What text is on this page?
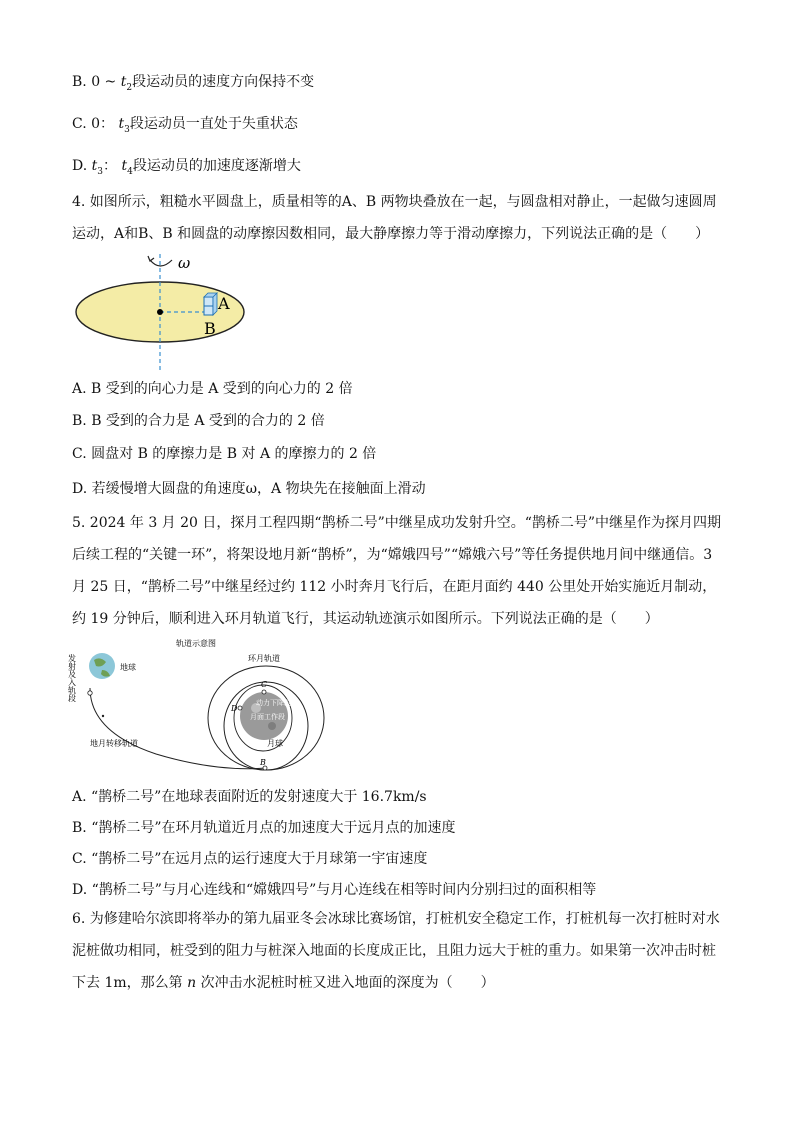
B. 0 ~ $t_2$段运动员的速度方向保持不变
C. 0： $t_3$段运动员一直处于失重状态
D. $t_3$： $t_4$段运动员的加速度逐渐增大
4. 如图所示，粗糙水平圆盘上，质量相等的A、B 两物块叠放在一起，与圆盘相对静止，一起做匀速圆周运动，A和B、B 和圆盘的动摩擦因数相同，最大静摩擦力等于滑动摩擦力，下列说法正确的是（　　）
ω
A
B
A. B 受到的向心力是 A 受到的向心力的 2 倍
B. B 受到的合力是 A 受到的合力的 2 倍
C. 圆盘对 B 的摩擦力是 B 对 A 的摩擦力的 2 倍
D. 若缓慢增大圆盘的角速度ω，A 物块先在接触面上滑动
5. 2024 年 3 月 20 日，探月工程四期“鹊桥二号”中继星成功发射升空。“鹊桥二号”中继星作为探月四期后续工程的“关键一环”，将架设地月新“鹊桥”，为“嫦娥四号”“嫦娥六号”等任务提供地月间中继通信。3 月 25 日，“鹊桥二号”中继星经过约 112 小时奔月飞行后，在距月面约 440 公里处开始实施近月制动，约 19 分钟后，顺利进入环月轨道飞行，其运动轨迹演示如图所示。下列说法正确的是（　　）
轨道示意图
发射及入轨段	地球
地月转移轨道
环月轨道
动力下降段
月面工作段
月球
C
D
B
A. “鹊桥二号”在地球表面附近的发射速度大于 16.7km/s
B. “鹊桥二号”在环月轨道近月点的加速度大于远月点的加速度
C. “鹊桥二号”在远月点的运行速度大于月球第一宇宙速度
D. “鹊桥二号”与月心连线和“嫦娥四号”与月心连线在相等时间内分别扫过的面积相等
6. 为修建哈尔滨即将举办的第九届亚冬会冰球比赛场馆，打桩机安全稳定工作，打桩机每一次打桩时对水泥桩做功相同，桩受到的阻力与桩深入地面的长度成正比，且阻力远大于桩的重力。如果第一次冲击时桩下去 1m，那么第 n 次冲击水泥桩时桩又进入地面的深度为（　　）
